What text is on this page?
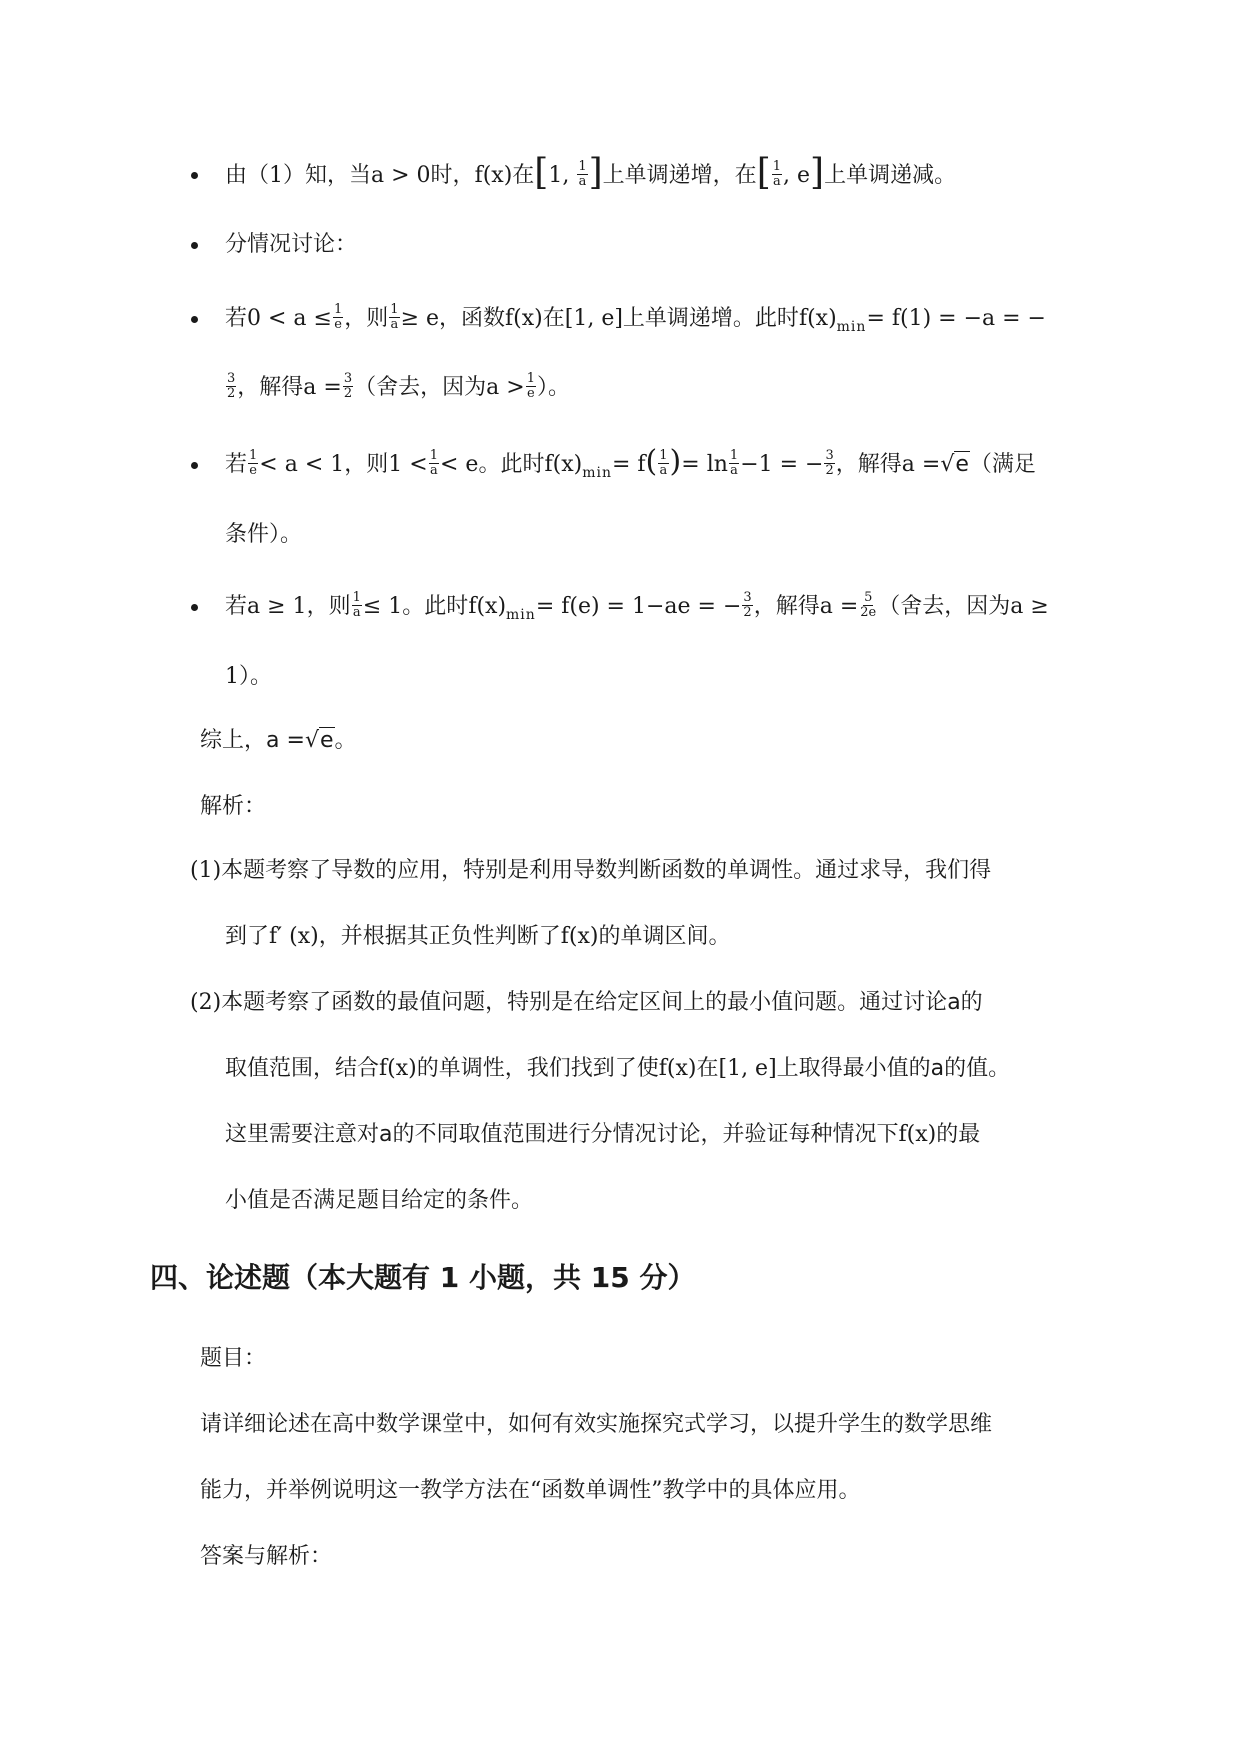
由（1）知，当a > 0时，f(x)在[1, $\frac{1}{a}$ ]上单调递增，在[ $\frac{1}{a}$ , e]上单调递减。
分情况讨论：
若$0 < a \le \frac{1}{e}$ ，则 $\frac{1}{a} \ge e$，函数f(x)在[1, e]上单调递增。此时$f(x)_{min}= f(1) = -a$ = −
$\frac{3}{2}$ ，解得$a = \frac{3}{2}$ （舍去，因为$a > \frac{1}{e}$ ）。
若 $\frac{1}{e} < a < 1$，则$1 < \frac{1}{a} < e$。此时$f(x)_{min}= f( \frac{1}{a}$ )= $\ln \frac{1}{a} -1$ = − $\frac{3}{2}$ ，解得a =√e（满足
条件）。
若a ≥ 1，则 $\frac{1}{a} \le 1$。此时$f(x)_{min}= f(e) = 1-ae$ = − $\frac{3}{2}$ ，解得$a = \frac{5}{2e}$ （舍去，因为a ≥
1）。
综上，a =√e。
解析：
(1)本题考察了导数的应用，特别是利用导数判断函数的单调性。通过求导，我们得
到了f′ (x)，并根据其正负性判断了f(x)的单调区间。
(2)本题考察了函数的最值问题，特别是在给定区间上的最小值问题。通过讨论a的
取值范围，结合f(x)的单调性，我们找到了使f(x)在[1, e]上取得最小值的a的值。
这里需要注意对a的不同取值范围进行分情况讨论，并验证每种情况下f(x)的最
小值是否满足题目给定的条件。
四、论述题（本大题有 1 小题，共 15 分）
题目：
请详细论述在高中数学课堂中，如何有效实施探究式学习，以提升学生的数学思维
能力，并举例说明这一教学方法在“函数单调性”教学中的具体应用。
答案与解析：
